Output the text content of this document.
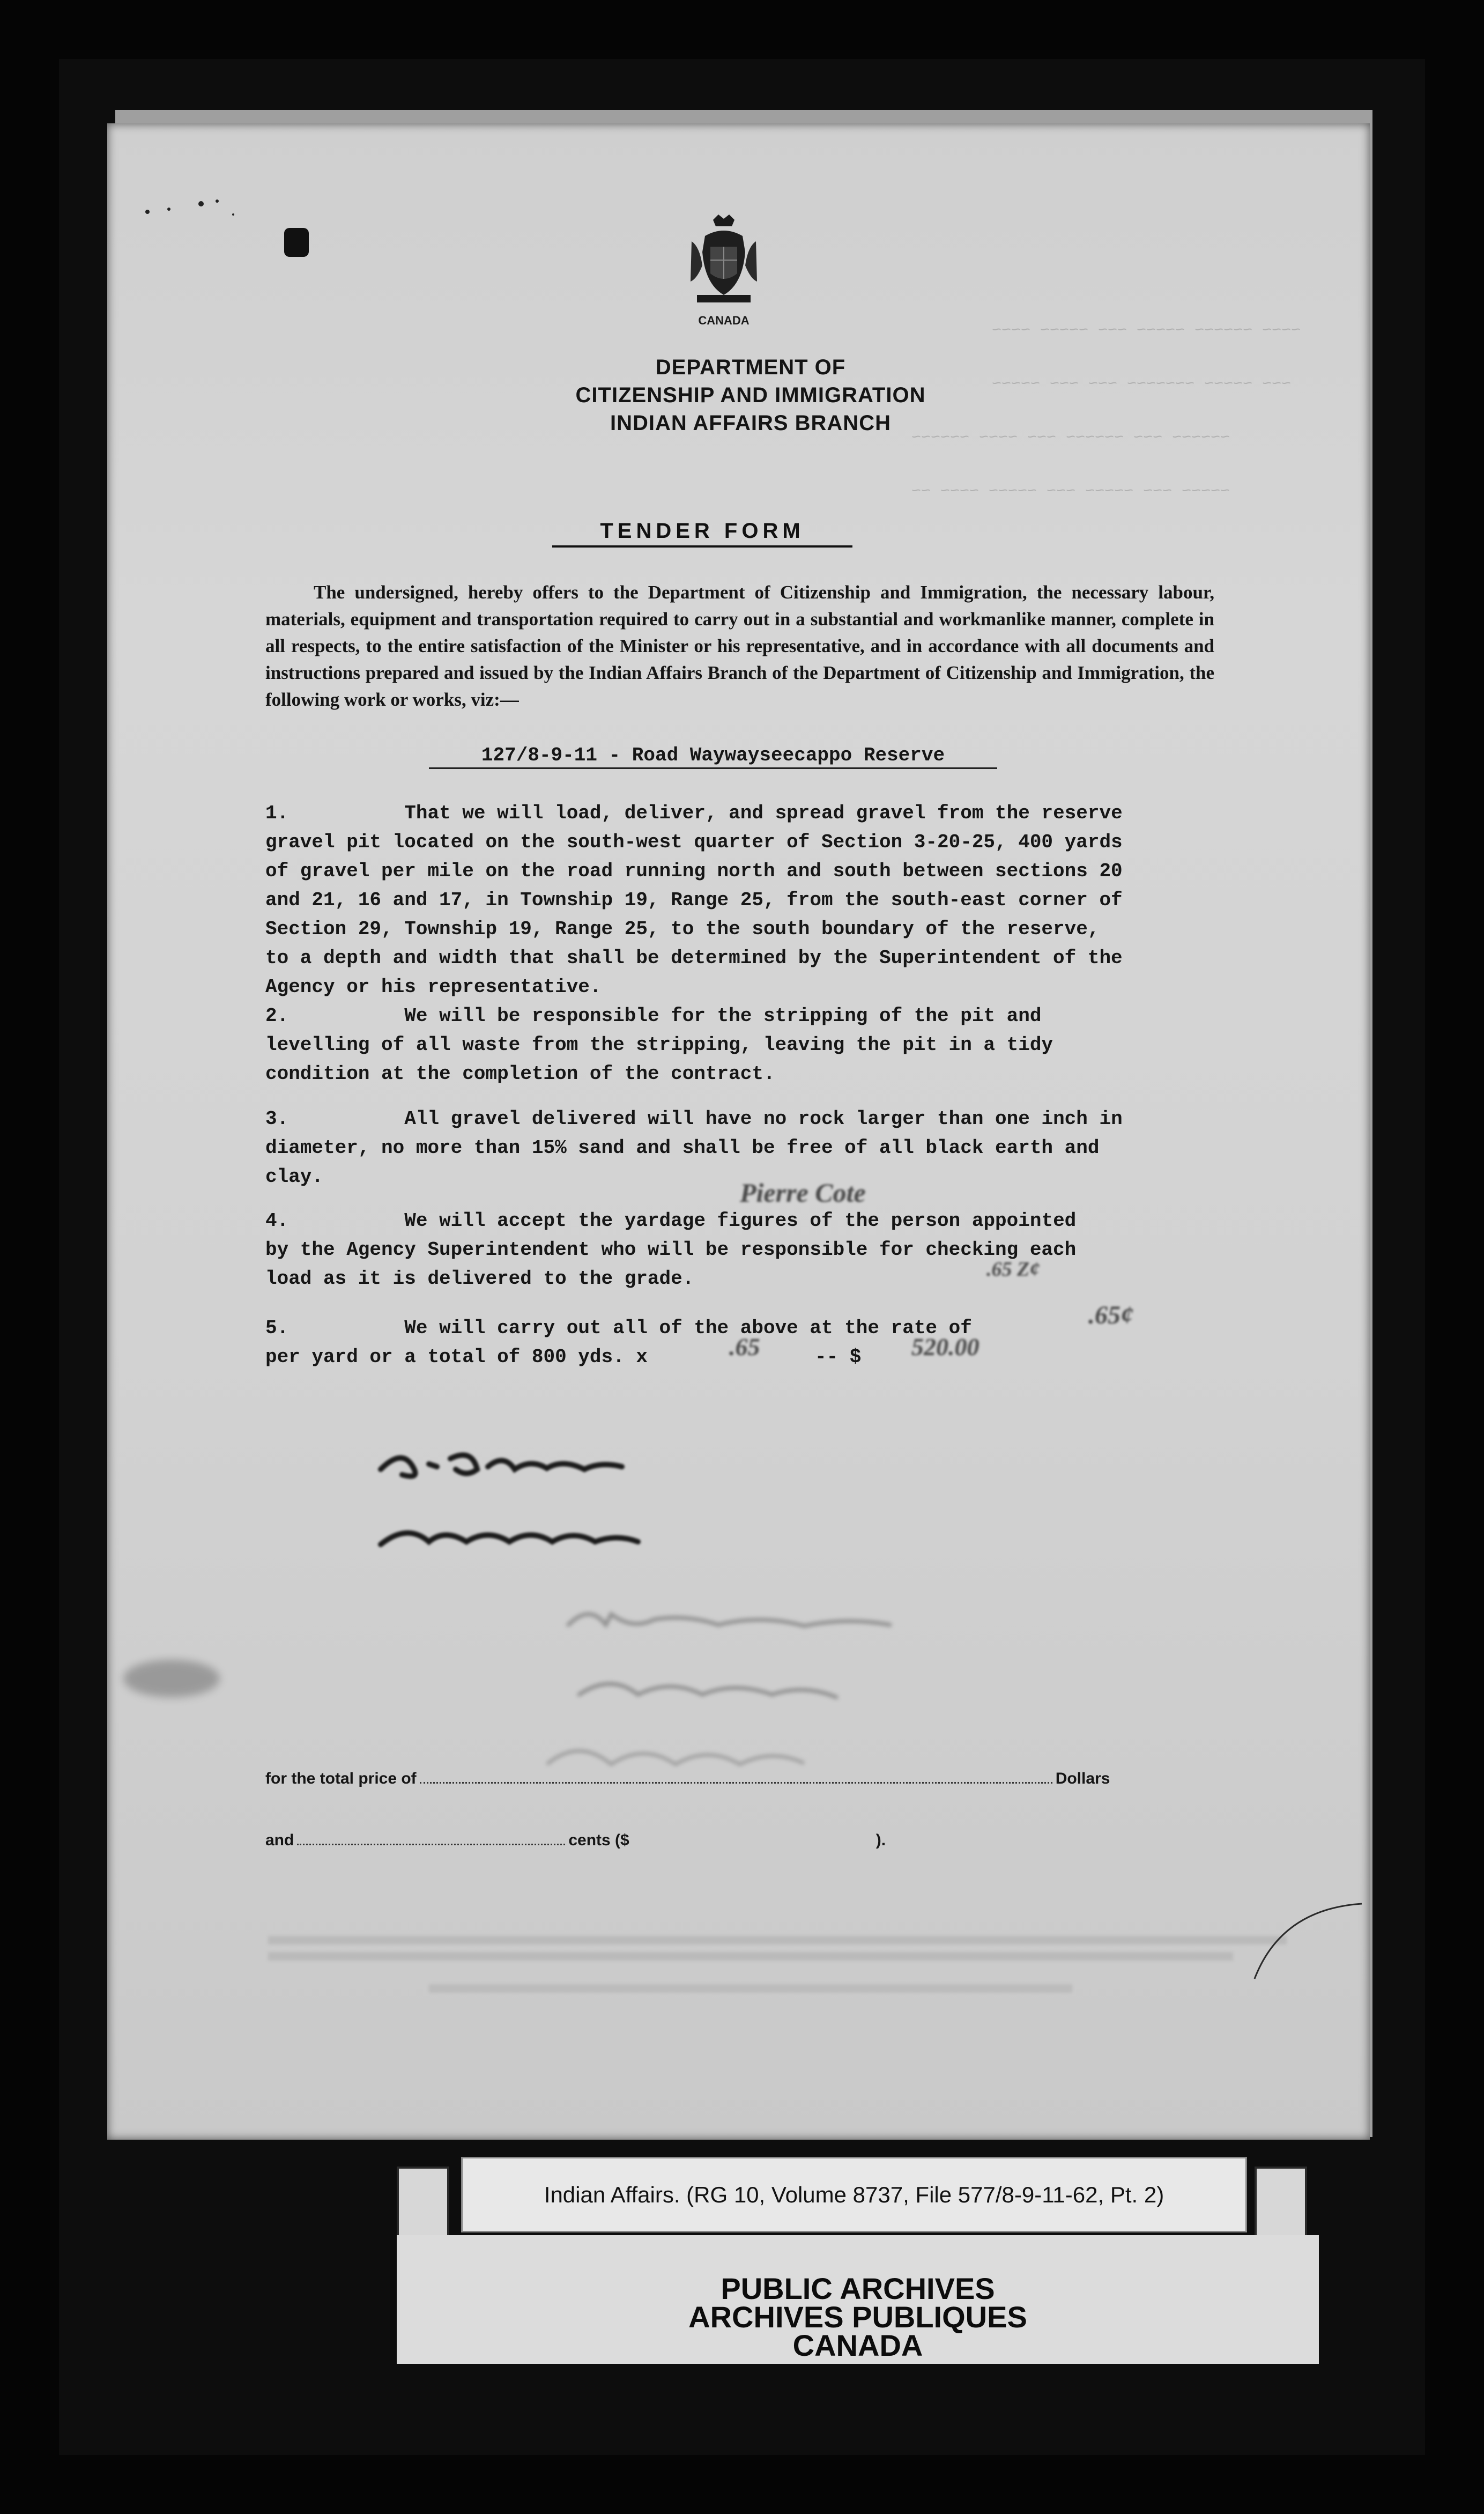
~~~~ ~~~~~~ ~~~~~ ~~~ ~~~~~ ~~~~
~~~ ~~~~~ ~~~~~~~ ~~~ ~~~ ~~~~~
~~~~~~ ~~~ ~~~~~~ ~~~ ~~~~ ~~~~~~
~~~~~ ~~~ ~~~~~ ~~~ ~~~~~ ~~~~ ~~
CANADA
DEPARTMENT OF
CITIZENSHIP AND IMMIGRATION
INDIAN AFFAIRS BRANCH
TENDER FORM

The undersigned, hereby offers to the Department of Citizenship and Immigration, the necessary labour, materials, equipment and transportation required to carry out in a substantial and workmanlike manner, complete in all respects, to the entire satisfaction of the Minister or his representative, and in accordance with all documents and instructions prepared and issued by the Indian Affairs Branch of the Department of Citizenship and Immigration, the following work or works, viz:—

127/8-9-11 - Road Waywayseecappo Reserve
1.	That we will load, deliver, and spread gravel from the reserve
gravel pit located on the south-west quarter of Section 3-20-25, 400 yards
of gravel per mile on the road running north and south between sections 20
and 21, 16 and 17, in Township 19, Range 25, from the south-east corner of
Section 29, Township 19, Range 25, to the south boundary of the reserve,
to a depth and width that shall be determined by the Superintendent of the
Agency or his representative.
2.	We will be responsible for the stripping of the pit and
levelling of all waste from the stripping, leaving the pit in a tidy
condition at the completion of the contract.
3.	All gravel delivered will have no rock larger than one inch in
diameter, no more than 15% sand and shall be free of all black earth and
clay.
Pierre Cote
4.	We will accept the yardage figures of the person appointed
by the Agency Superintendent who will be responsible for checking each
load as it is delivered to the grade.	.65 Z¢
5.	We will carry out all of the above at the rate of
per yard or a total of 800 yds. x
.65¢
.65	-- $	520.00
for the total price of	Dollars
and	cents ($	).
Indian Affairs. (RG 10, Volume 8737, File 577/8-9-11-62, Pt. 2)
PUBLIC ARCHIVES
ARCHIVES PUBLIQUES
CANADA
